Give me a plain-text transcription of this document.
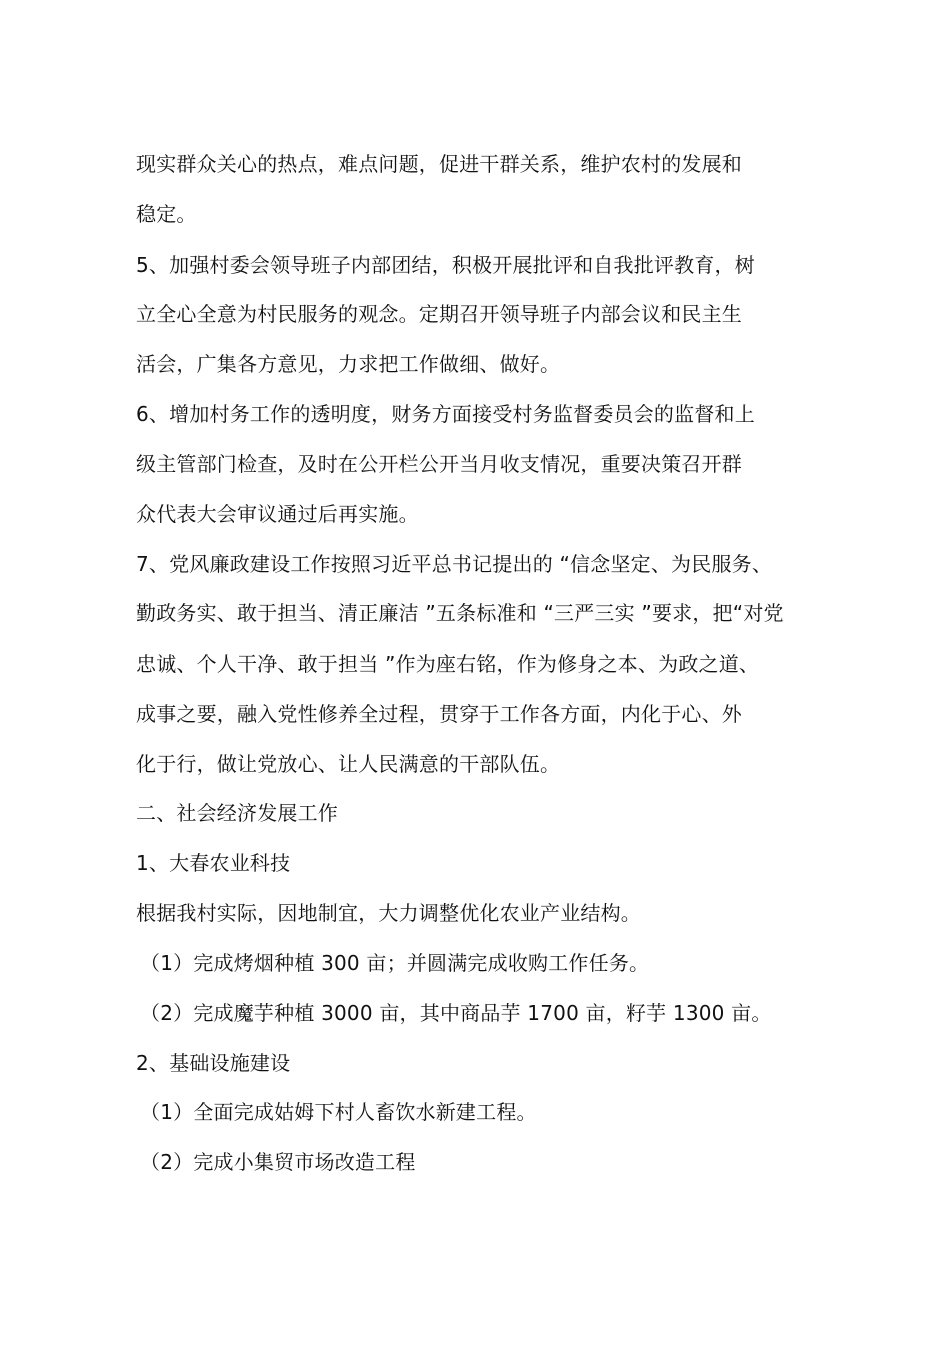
现实群众关心的热点，难点问题，促进干群关系，维护农村的发展和

稳定。

5、加强村委会领导班子内部团结，积极开展批评和自我批评教育，树

立全心全意为村民服务的观念。定期召开领导班子内部会议和民主生

活会，广集各方意见，力求把工作做细、做好。

6、增加村务工作的透明度，财务方面接受村务监督委员会的监督和上

级主管部门检查，及时在公开栏公开当月收支情况，重要决策召开群

众代表大会审议通过后再实施。

7、党风廉政建设工作按照习近平总书记提出的 “信念坚定、为民服务、

勤政务实、敢于担当、清正廉洁 ”五条标准和 “三严三实 ”要求，把“对党

忠诚、个人干净、敢于担当 ”作为座右铭，作为修身之本、为政之道、

成事之要，融入党性修养全过程，贯穿于工作各方面，内化于心、外

化于行，做让党放心、让人民满意的干部队伍。

二、社会经济发展工作

1、大春农业科技

根据我村实际，因地制宜，大力调整优化农业产业结构。

（1）完成烤烟种植 300 亩；并圆满完成收购工作任务。

（2）完成魔芋种植 3000 亩，其中商品芋 1700 亩，籽芋 1300 亩。

2、基础设施建设

（1）全面完成姑姆下村人畜饮水新建工程。

（2）完成小集贸市场改造工程
